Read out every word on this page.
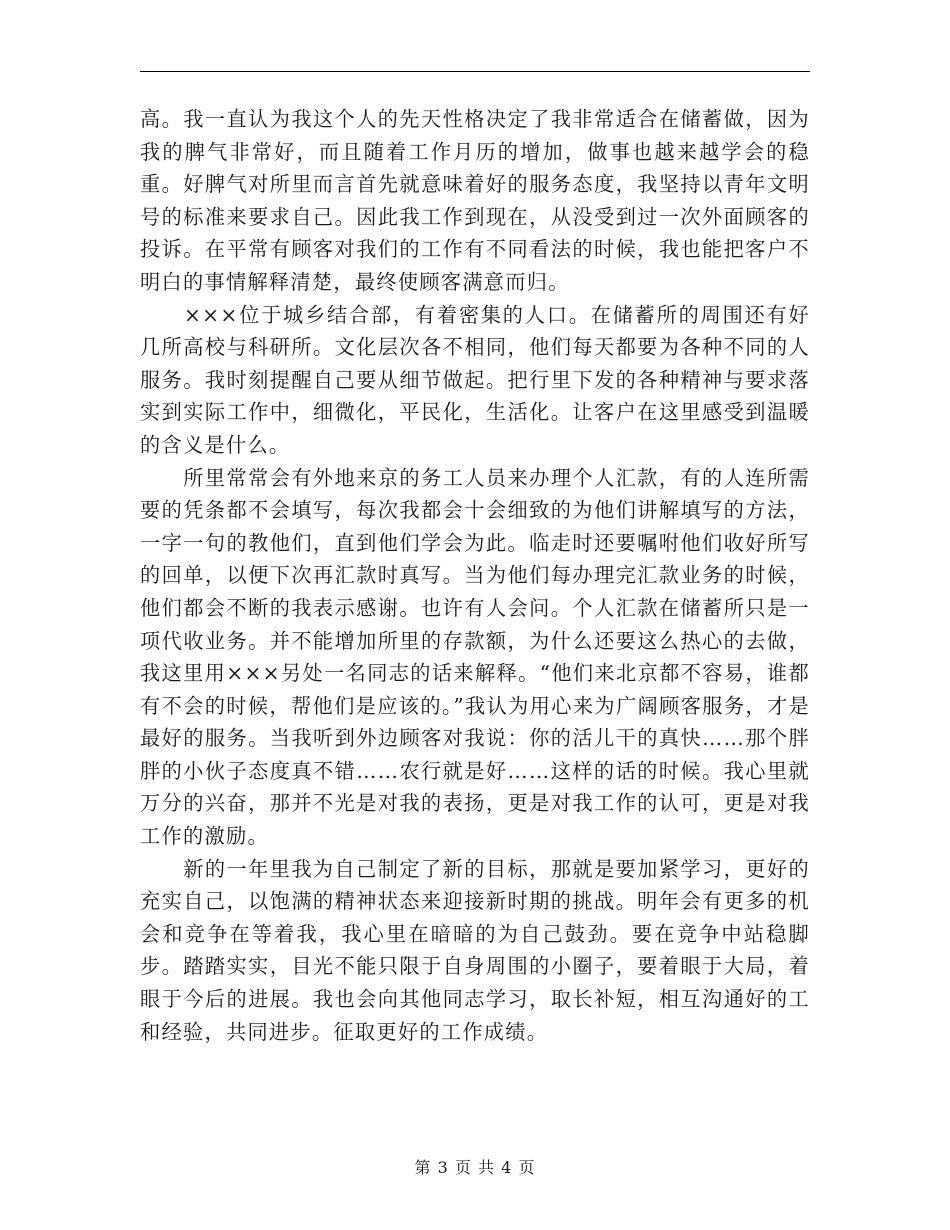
高。我一直认为我这个人的先天性格决定了我非常适合在储蓄做，因为我的脾气非常好，而且随着工作月历的增加，做事也越来越学会的稳重。好脾气对所里而言首先就意味着好的服务态度，我坚持以青年文明号的标准来要求自己。因此我工作到现在，从没受到过一次外面顾客的投诉。在平常有顾客对我们的工作有不同看法的时候，我也能把客户不明白的事情解释清楚，最终使顾客满意而归。

　　×××位于城乡结合部，有着密集的人口。在储蓄所的周围还有好几所高校与科研所。文化层次各不相同，他们每天都要为各种不同的人服务。我时刻提醒自己要从细节做起。把行里下发的各种精神与要求落实到实际工作中，细微化，平民化，生活化。让客户在这里感受到温暖的含义是什么。

　　所里常常会有外地来京的务工人员来办理个人汇款，有的人连所需要的凭条都不会填写，每次我都会十会细致的为他们讲解填写的方法，一字一句的教他们，直到他们学会为此。临走时还要嘱咐他们收好所写的回单，以便下次再汇款时真写。当为他们每办理完汇款业务的时候，他们都会不断的我表示感谢。也许有人会问。个人汇款在储蓄所只是一项代收业务。并不能增加所里的存款额，为什么还要这么热心的去做，我这里用×××另处一名同志的话来解释。“他们来北京都不容易，谁都有不会的时候，帮他们是应该的。”我认为用心来为广阔顾客服务，才是最好的服务。当我听到外边顾客对我说：你的活儿干的真快……那个胖胖的小伙子态度真不错……农行就是好……这样的话的时候。我心里就万分的兴奋，那并不光是对我的表扬，更是对我工作的认可，更是对我工作的激励。

　　新的一年里我为自己制定了新的目标，那就是要加紧学习，更好的充实自己，以饱满的精神状态来迎接新时期的挑战。明年会有更多的机会和竞争在等着我，我心里在暗暗的为自己鼓劲。要在竞争中站稳脚步。踏踏实实，目光不能只限于自身周围的小圈子，要着眼于大局，着眼于今后的进展。我也会向其他同志学习，取长补短，相互沟通好的工和经验，共同进步。征取更好的工作成绩。

第 3 页 共 4 页
